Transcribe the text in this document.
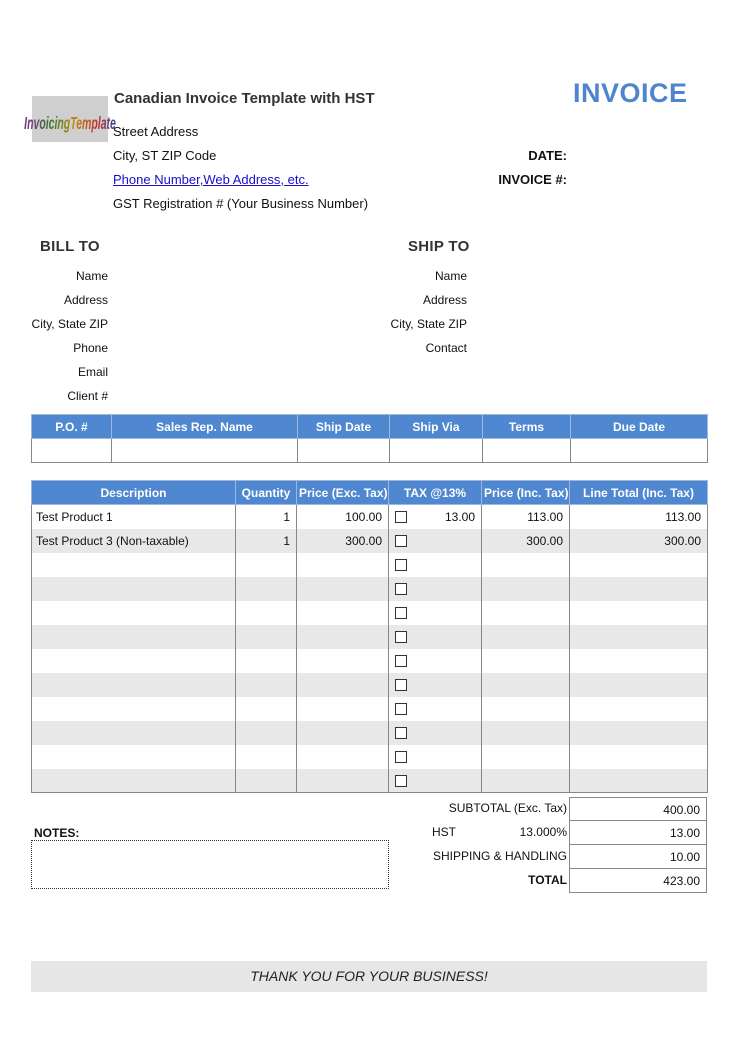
InvoicingTemplate
Canadian Invoice Template with HST
Street Address
City, ST ZIP Code
Phone Number,Web Address, etc.
GST Registration # (Your Business Number)
INVOICE
DATE:
INVOICE #:
BILL TO
Name
Address
City, State ZIP
Phone
Email
Client #
SHIP TO
Name
Address
City, State ZIP
Contact
P.O. #	Sales Rep. Name	Ship Date	Ship Via	Terms	Due Date

Description	Quantity	Price (Exc. Tax)	TAX @13%	Price (Inc. Tax)	Line Total (Inc. Tax)
Test Product 1	1	100.00	13.00	113.00	113.00
Test Product 3 (Non-taxable)	1	300.00		300.00	300.00

SUBTOTAL (Exc. Tax)	400.00
HST	13.000%	13.00
SHIPPING & HANDLING	10.00
TOTAL	423.00
NOTES:
THANK YOU FOR YOUR BUSINESS!
